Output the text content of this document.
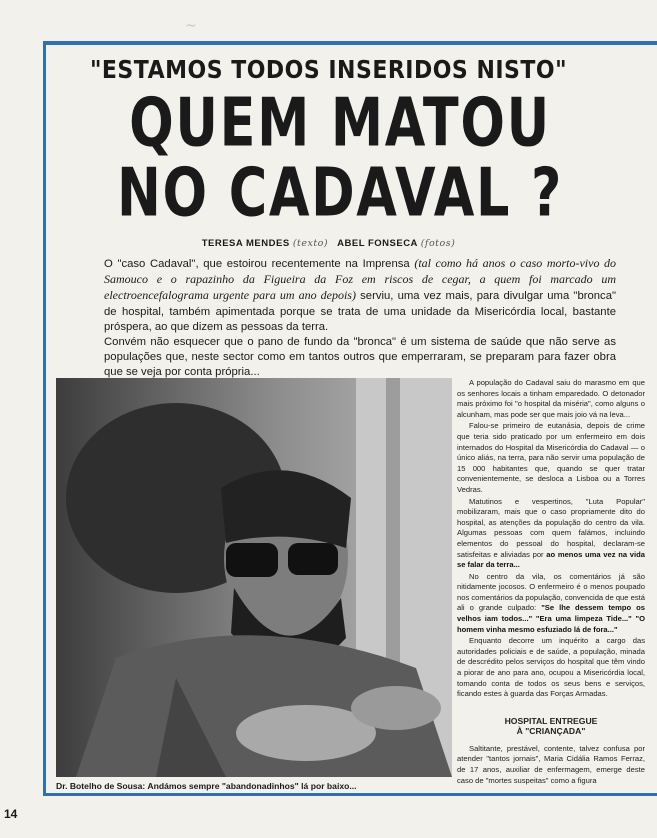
~
"ESTAMOS TODOS INSERIDOS NISTO"
QUEM MATOU
NO CADAVAL ?
TERESA MENDES (texto) ABEL FONSECA (fotos)

O "caso Cadaval", que estoirou recentemente na Imprensa (tal como há anos o caso morto-vivo do Samouco e o rapazinho da Figueira da Foz em riscos de cegar, a quem foi marcado um electroencefalograma urgente para um ano depois) serviu, uma vez mais, para divulgar uma "bronca" de hospital, também apimentada porque se trata de uma unidade da Misericórdia local, bastante próspera, ao que dizem as pessoas da terra.

Convém não esquecer que o pano de fundo da "bronca" é um sistema de saúde que não serve as populações que, neste sector como em tantos outros que emperraram, se preparam para fazer obra que se veja por conta própria...

Dr. Botelho de Sousa: Andámos sempre "abandonadinhos" lá por baixo...

A população do Cadaval saiu do marasmo em que os senhores locais a tinham emparedado. O detonador mais próximo foi "o hospital da miséria", como alguns o alcunham, mas pode ser que mais joio vá na leva...

Falou-se primeiro de eutanásia, depois de crime que teria sido praticado por um enfermeiro em dois internados do Hospital da Misericórdia do Cadaval — o único aliás, na terra, para não servir uma população de 15 000 habitantes que, quando se quer tratar convenientemente, se desloca a Lisboa ou a Torres Vedras.

Matutinos e vespertinos, "Luta Popular" mobilizaram, mais que o caso propriamente dito do hospital, as atenções da população do centro da vila. Algumas pessoas com quem falámos, incluindo elementos do pessoal do hospital, declaram-se satisfeitas e aliviadas por ao menos uma vez na vida se falar da terra...

No centro da vila, os comentários já são nitidamente jocosos. O enfermeiro é o menos poupado nos comentários da população, convencida de que está ali o grande culpado: "Se lhe dessem tempo os velhos iam todos..." "Era uma limpeza Tide..." "O homem vinha mesmo esfuziado lá de fora..."

Enquanto decorre um inquérito a cargo das autoridades policiais e de saúde, a população, minada de descrédito pelos serviços do hospital que têm vindo a piorar de ano para ano, ocupou a Misericórdia local, tomando conta de todos os seus bens e serviços, ficando estes à guarda das Forças Armadas.

HOSPITAL ENTREGUE
À "CRIANÇADA"

Saltitante, prestável, contente, talvez confusa por atender "tantos jornais", Maria Cidália Ramos Ferraz, de 17 anos, auxiliar de enfermagem, emerge deste caso de "mortes suspeitas" como a figura

14
